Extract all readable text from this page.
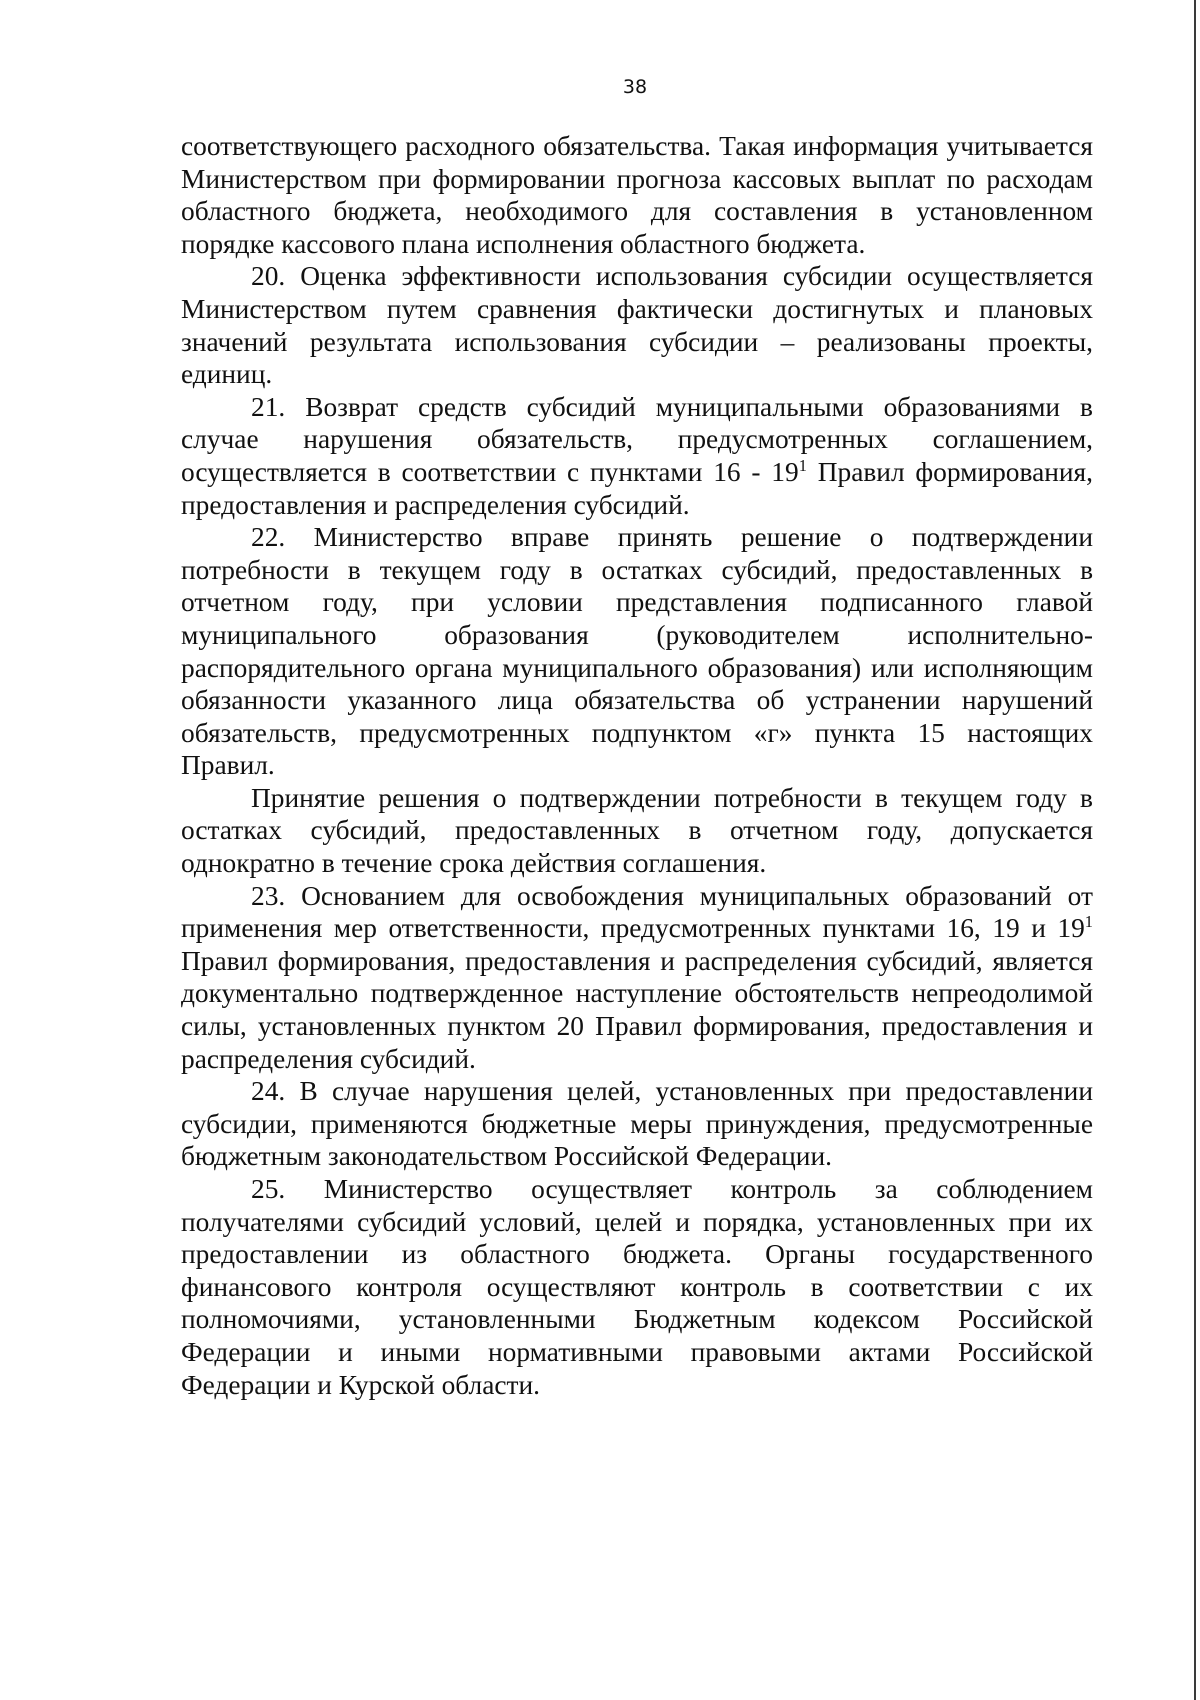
38

соответствующего расходного обязательства. Такая информация учитывается Министерством при формировании прогноза кассовых выплат по расходам областного бюджета, необходимого для составления в установленном порядке кассового плана исполнения областного бюджета.

20. Оценка эффективности использования субсидии осуществляется Министерством путем сравнения фактически достигнутых и плановых значений результата использования субсидии – реализованы проекты, единиц.

21. Возврат средств субсидий муниципальными образованиями в случае нарушения обязательств, предусмотренных соглашением, осуществляется в соответствии с пунктами $16 - 19^1$ Правил формирования, предоставления и распределения субсидий.

22. Министерство вправе принять решение о подтверждении потребности в текущем году в остатках субсидий, предоставленных в отчетном году, при условии представления подписанного главой муниципального образования (руководителем исполнительно-распорядительного органа муниципального образования) или исполняющим обязанности указанного лица обязательства об устранении нарушений обязательств, предусмотренных подпунктом «г» пункта 15 настоящих Правил.

Принятие решения о подтверждении потребности в текущем году в остатках субсидий, предоставленных в отчетном году, допускается однократно в течение срока действия соглашения.

23. Основанием для освобождения муниципальных образований от применения мер ответственности, предусмотренных пунктами 16, 19 и $19^1$ Правил формирования, предоставления и распределения субсидий, является документально подтвержденное наступление обстоятельств непреодолимой силы, установленных пунктом 20 Правил формирования, предоставления и распределения субсидий.

24. В случае нарушения целей, установленных при предоставлении субсидии, применяются бюджетные меры принуждения, предусмотренные бюджетным законодательством Российской Федерации.

25. Министерство осуществляет контроль за соблюдением получателями субсидий условий, целей и порядка, установленных при их предоставлении из областного бюджета. Органы государственного финансового контроля осуществляют контроль в соответствии с их полномочиями, установленными Бюджетным кодексом Российской Федерации и иными нормативными правовыми актами Российской Федерации и Курской области.
